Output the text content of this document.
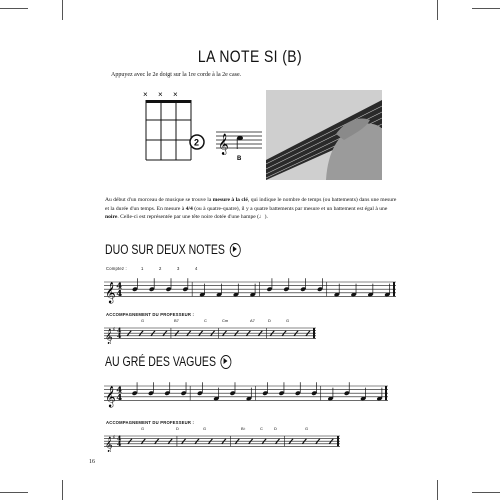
LA NOTE SI (B)
Appuyez avec le 2e doigt sur la 1re corde à la 2e case.
× × ×
2 𝄞
B
Au début d'un morceau de musique se trouve la mesure à la clé, qui indique le nombre de temps (ou battements) dans une mesure et la durée d'un temps. En mesure à 4/4 (ou à quatre-quatre), il y a quatre battements par mesure et un battement est égal à une noire. Celle-ci est représentée par une tête noire dotée d'une hampe (♩).
DUO SUR DEUX NOTES
Comptez :	1	2	3	4
𝄞 4
4
ACCOMPAGNEMENT DU PROFESSEUR :
G	B7	C	Cm	A7	D	G
𝄞 ♯ 4
4
AU GRÉ DES VAGUES
𝄞 4
4
ACCOMPAGNEMENT DU PROFESSEUR :
G	D	G	B♭	C	D	G
𝄞 ♯ 4
4
16
